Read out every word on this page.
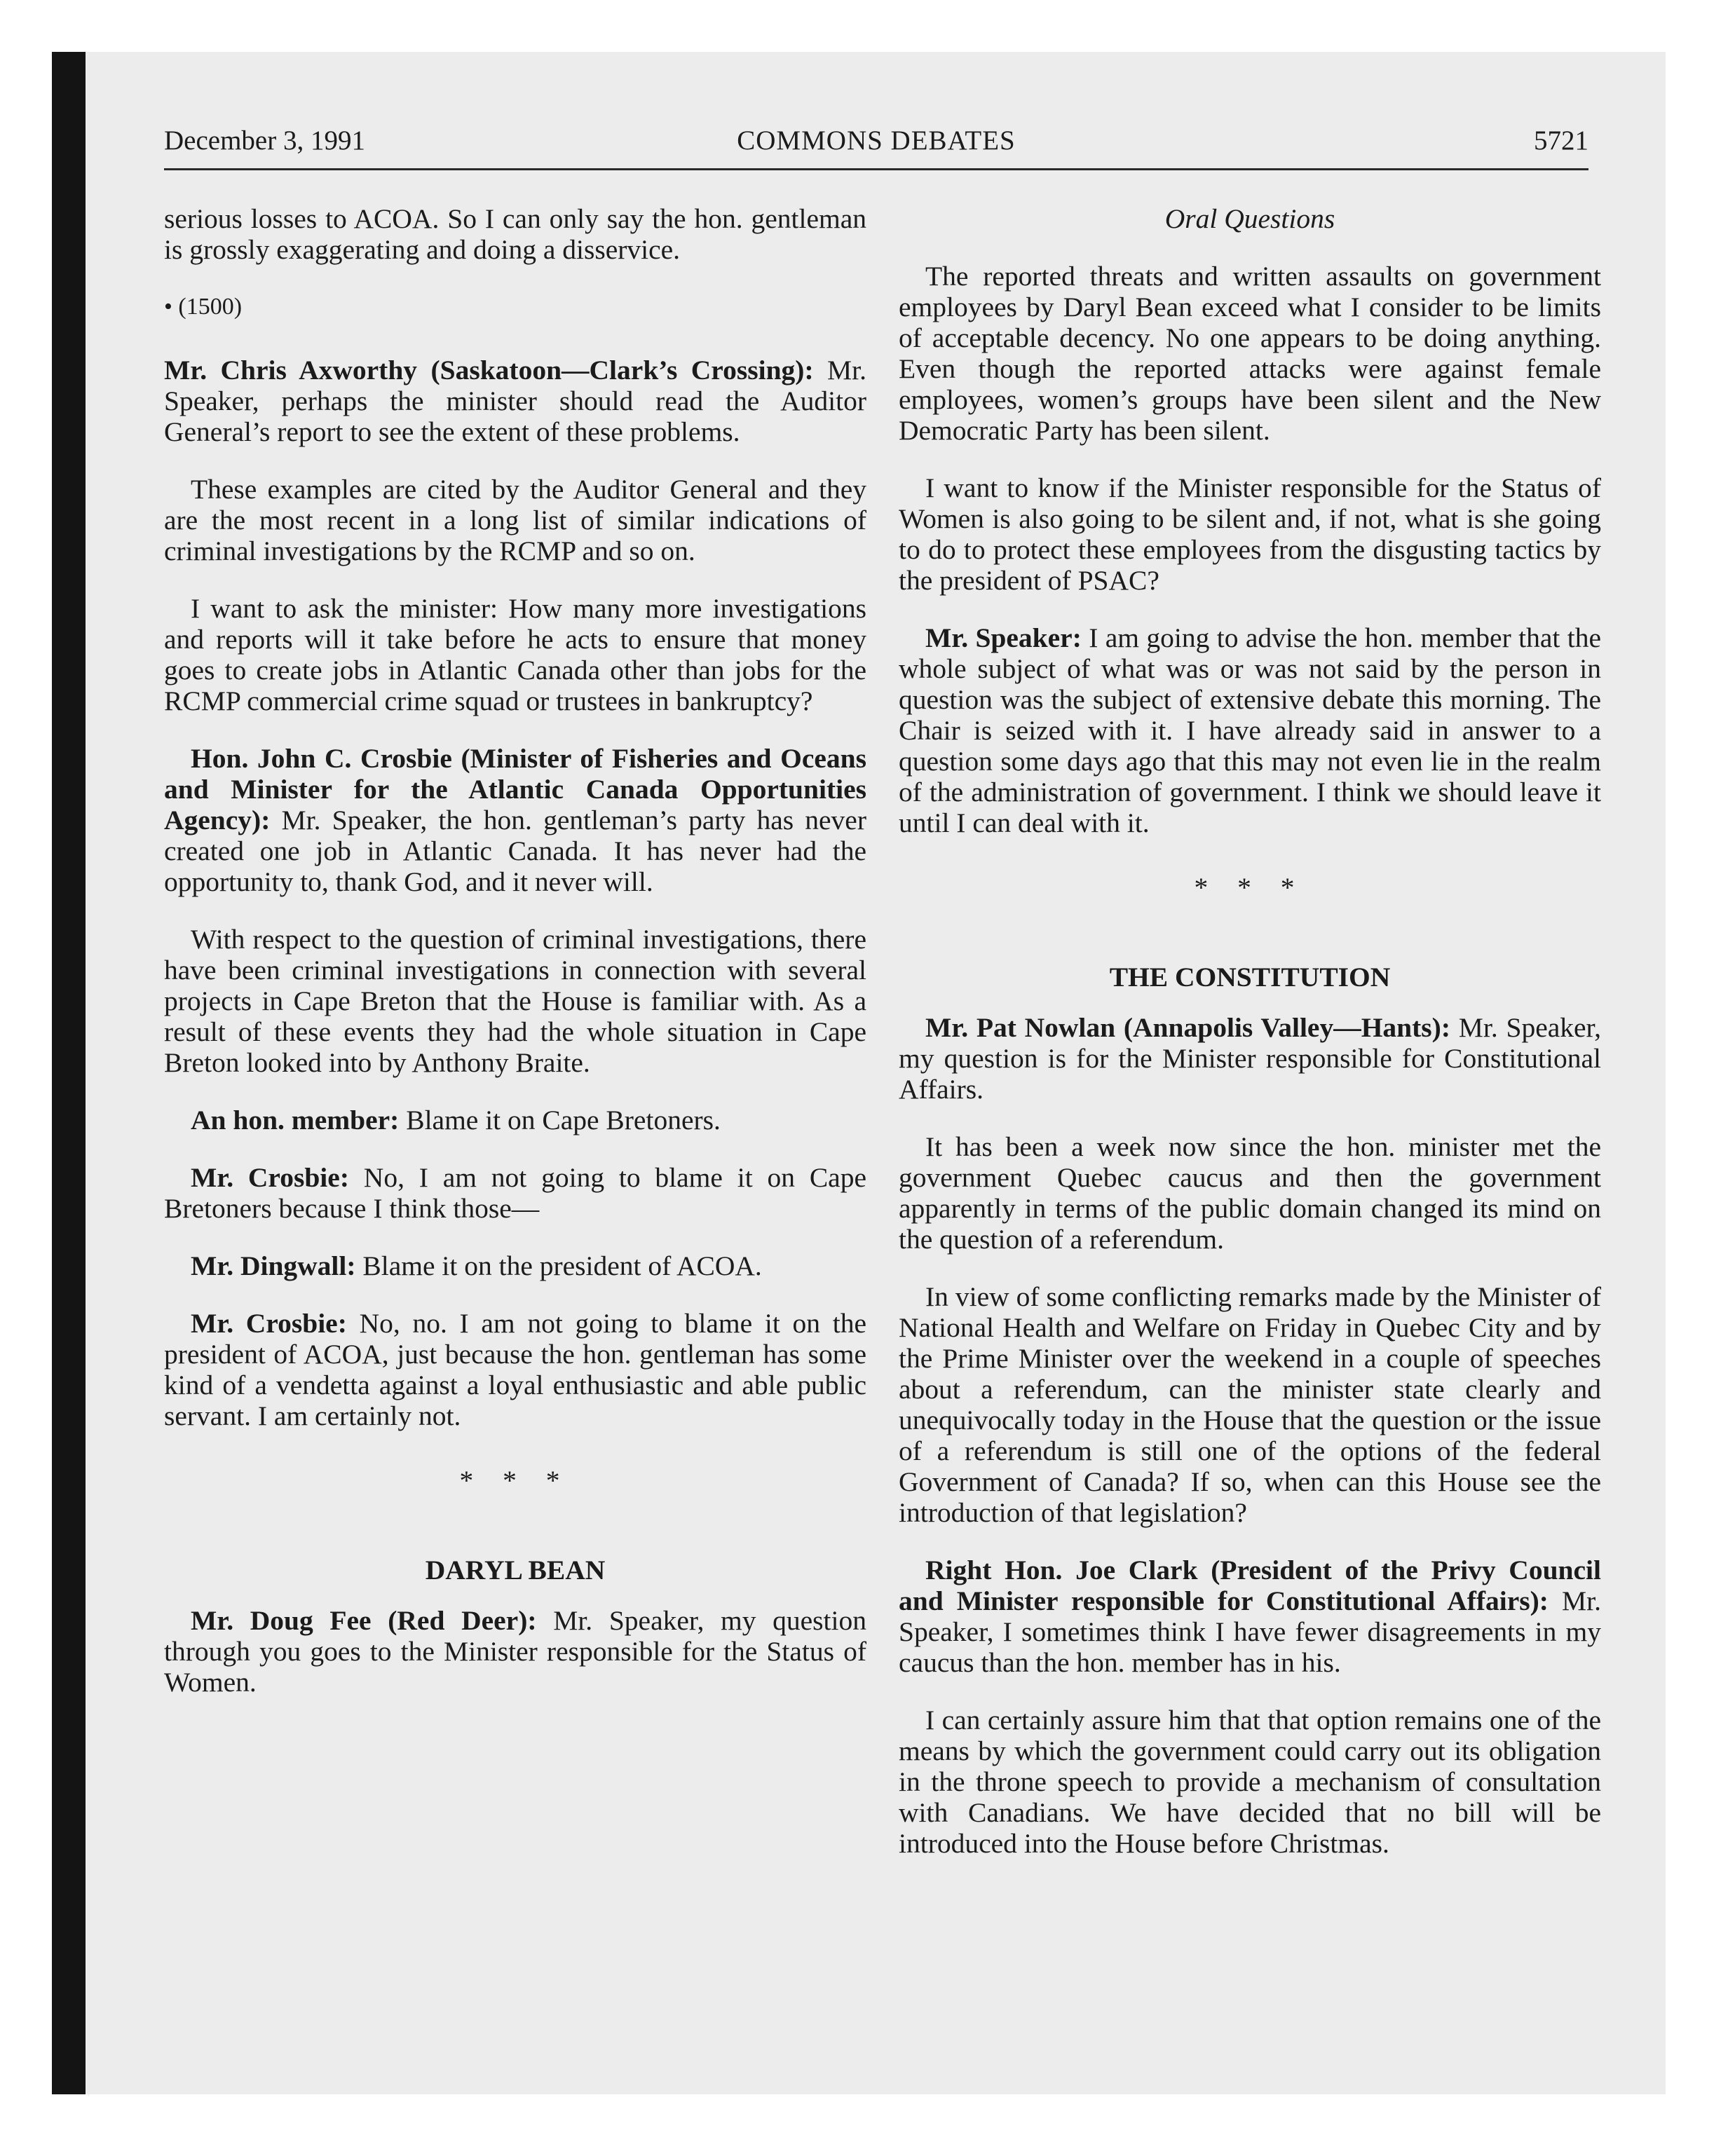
December 3, 1991	COMMONS DEBATES	5721

serious losses to ACOA. So I can only say the hon. gentleman is grossly exaggerating and doing a disservice.

• (1500)

Mr. Chris Axworthy (Saskatoon—Clark’s Crossing): Mr. Speaker, perhaps the minister should read the Auditor General’s report to see the extent of these problems.

These examples are cited by the Auditor General and they are the most recent in a long list of similar indications of criminal investigations by the RCMP and so on.

I want to ask the minister: How many more investigations and reports will it take before he acts to ensure that money goes to create jobs in Atlantic Canada other than jobs for the RCMP commercial crime squad or trustees in bankruptcy?

Hon. John C. Crosbie (Minister of Fisheries and Oceans and Minister for the Atlantic Canada Opportunities Agency): Mr. Speaker, the hon. gentleman’s party has never created one job in Atlantic Canada. It has never had the opportunity to, thank God, and it never will.

With respect to the question of criminal investigations, there have been criminal investigations in connection with several projects in Cape Breton that the House is familiar with. As a result of these events they had the whole situation in Cape Breton looked into by Anthony Braite.

An hon. member: Blame it on Cape Bretoners.

Mr. Crosbie: No, I am not going to blame it on Cape Bretoners because I think those—

Mr. Dingwall: Blame it on the president of ACOA.

Mr. Crosbie: No, no. I am not going to blame it on the president of ACOA, just because the hon. gentleman has some kind of a vendetta against a loyal enthusiastic and able public servant. I am certainly not.

* * *

DARYL BEAN

Mr. Doug Fee (Red Deer): Mr. Speaker, my question through you goes to the Minister responsible for the Status of Women.

Oral Questions

The reported threats and written assaults on government employees by Daryl Bean exceed what I consider to be limits of acceptable decency. No one appears to be doing anything. Even though the reported attacks were against female employees, women’s groups have been silent and the New Democratic Party has been silent.

I want to know if the Minister responsible for the Status of Women is also going to be silent and, if not, what is she going to do to protect these employees from the disgusting tactics by the president of PSAC?

Mr. Speaker: I am going to advise the hon. member that the whole subject of what was or was not said by the person in question was the subject of extensive debate this morning. The Chair is seized with it. I have already said in answer to a question some days ago that this may not even lie in the realm of the administration of government. I think we should leave it until I can deal with it.

* * *

THE CONSTITUTION

Mr. Pat Nowlan (Annapolis Valley—Hants): Mr. Speaker, my question is for the Minister responsible for Constitutional Affairs.

It has been a week now since the hon. minister met the government Quebec caucus and then the government apparently in terms of the public domain changed its mind on the question of a referendum.

In view of some conflicting remarks made by the Minister of National Health and Welfare on Friday in Quebec City and by the Prime Minister over the weekend in a couple of speeches about a referendum, can the minister state clearly and unequivocally today in the House that the question or the issue of a referendum is still one of the options of the federal Government of Canada? If so, when can this House see the introduction of that legislation?

Right Hon. Joe Clark (President of the Privy Council and Minister responsible for Constitutional Affairs): Mr. Speaker, I sometimes think I have fewer disagreements in my caucus than the hon. member has in his.

I can certainly assure him that that option remains one of the means by which the government could carry out its obligation in the throne speech to provide a mechanism of consultation with Canadians. We have decided that no bill will be introduced into the House before Christmas.
